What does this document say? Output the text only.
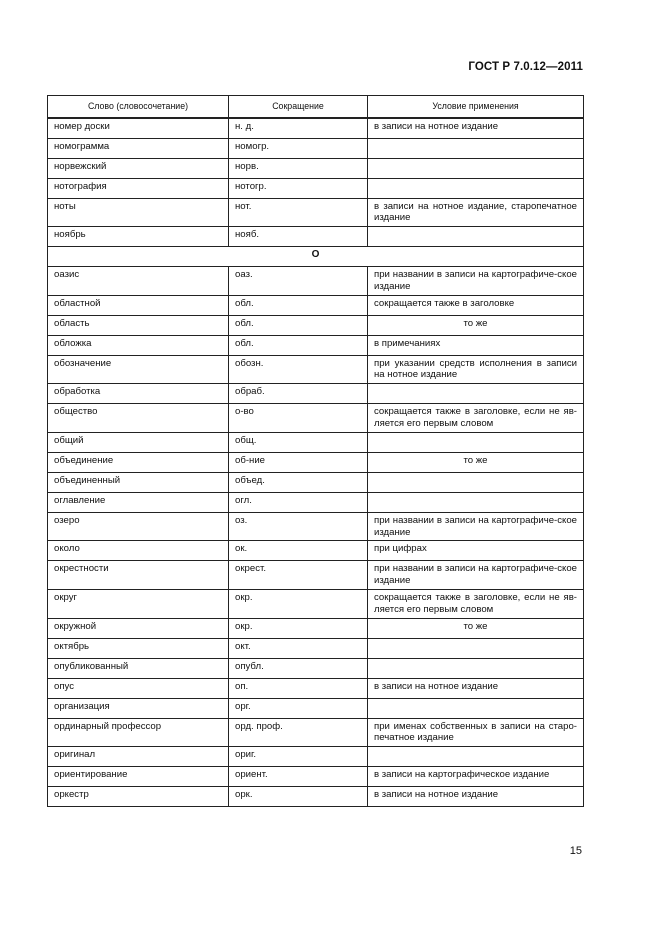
ГОСТ Р 7.0.12—2011
Слово (словосочетание)	Сокращение	Условие применения
номер доски	н. д.	в записи на нотное издание
номограмма	номогр.	
норвежский	норв.	
нотография	нотогр.	
ноты	нот.	в записи на нотное издание, старопечатное издание
ноябрь	нояб.	
О		
оазис	оаз.	при названии в записи на картографиче-ское издание
областной	обл.	сокращается также в заголовке
область	обл.	то же
обложка	обл.	в примечаниях
обозначение	обозн.	при указании средств исполнения в записи на нотное издание
обработка	обраб.	
общество	о-во	сокращается также в заголовке, если не яв-ляется его первым словом
общий	общ.	
объединение	об-ние	то же
объединенный	объед.	
оглавление	огл.	
озеро	оз.	при названии в записи на картографиче-ское издание
около	ок.	при цифрах
окрестности	окрест.	при названии в записи на картографиче-ское издание
округ	окр.	сокращается также в заголовке, если не яв-ляется его первым словом
окружной	окр.	то же
октябрь	окт.	
опубликованный	опубл.	
опус	оп.	в записи на нотное издание
организация	орг.	
ординарный профессор	орд. проф.	при именах собственных в записи на старо-печатное издание
оригинал	ориг.	
ориентирование	ориент.	в записи на картографическое издание
оркестр	орк.	в записи на нотное издание
15
